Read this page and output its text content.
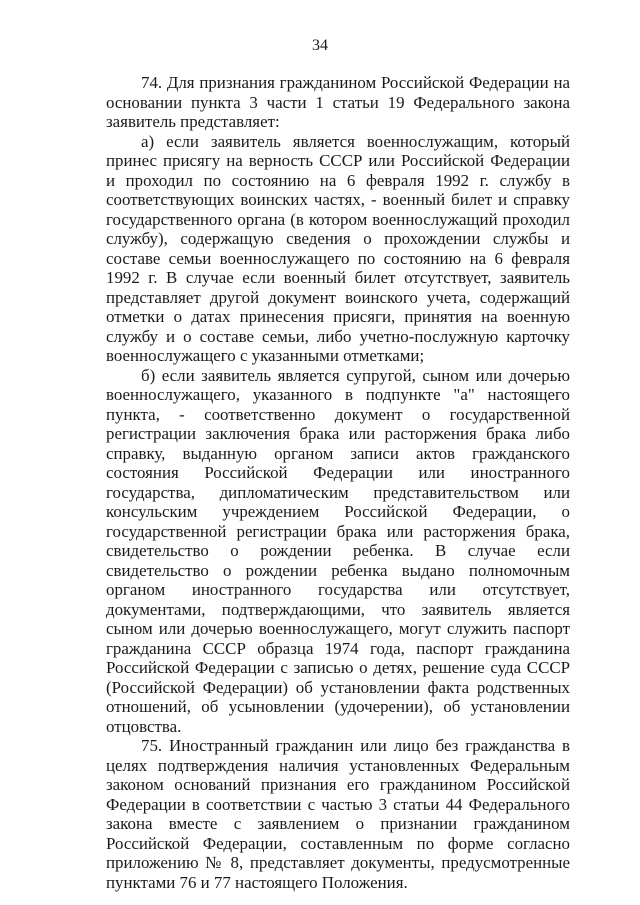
34

74. Для признания гражданином Российской Федерации на основании пункта 3 части 1 статьи 19 Федерального закона заявитель представляет:

а) если заявитель является военнослужащим, который принес присягу на верность СССР или Российской Федерации и проходил по состоянию на 6 февраля 1992 г. службу в соответствующих воинских частях, - военный билет и справку государственного органа (в котором военнослужащий проходил службу), содержащую сведения о прохождении службы и составе семьи военнослужащего по состоянию на 6 февраля 1992 г. В случае если военный билет отсутствует, заявитель представляет другой документ воинского учета, содержащий отметки о датах принесения присяги, принятия на военную службу и о составе семьи, либо учетно-послужную карточку военнослужащего с указанными отметками;

б) если заявитель является супругой, сыном или дочерью военнослужащего, указанного в подпункте "а" настоящего пункта, - соответственно документ о государственной регистрации заключения брака или расторжения брака либо справку, выданную органом записи актов гражданского состояния Российской Федерации или иностранного государства, дипломатическим представительством или консульским учреждением Российской Федерации, о государственной регистрации брака или расторжения брака, свидетельство о рождении ребенка. В случае если свидетельство о рождении ребенка выдано полномочным органом иностранного государства или отсутствует, документами, подтверждающими, что заявитель является сыном или дочерью военнослужащего, могут служить паспорт гражданина СССР образца 1974 года, паспорт гражданина Российской Федерации с записью о детях, решение суда СССР (Российской Федерации) об установлении факта родственных отношений, об усыновлении (удочерении), об установлении отцовства.

75. Иностранный гражданин или лицо без гражданства в целях подтверждения наличия установленных Федеральным законом оснований признания его гражданином Российской Федерации в соответствии с частью 3 статьи 44 Федерального закона вместе с заявлением о признании гражданином Российской Федерации, составленным по форме согласно приложению № 8, представляет документы, предусмотренные пунктами 76 и 77 настоящего Положения.
